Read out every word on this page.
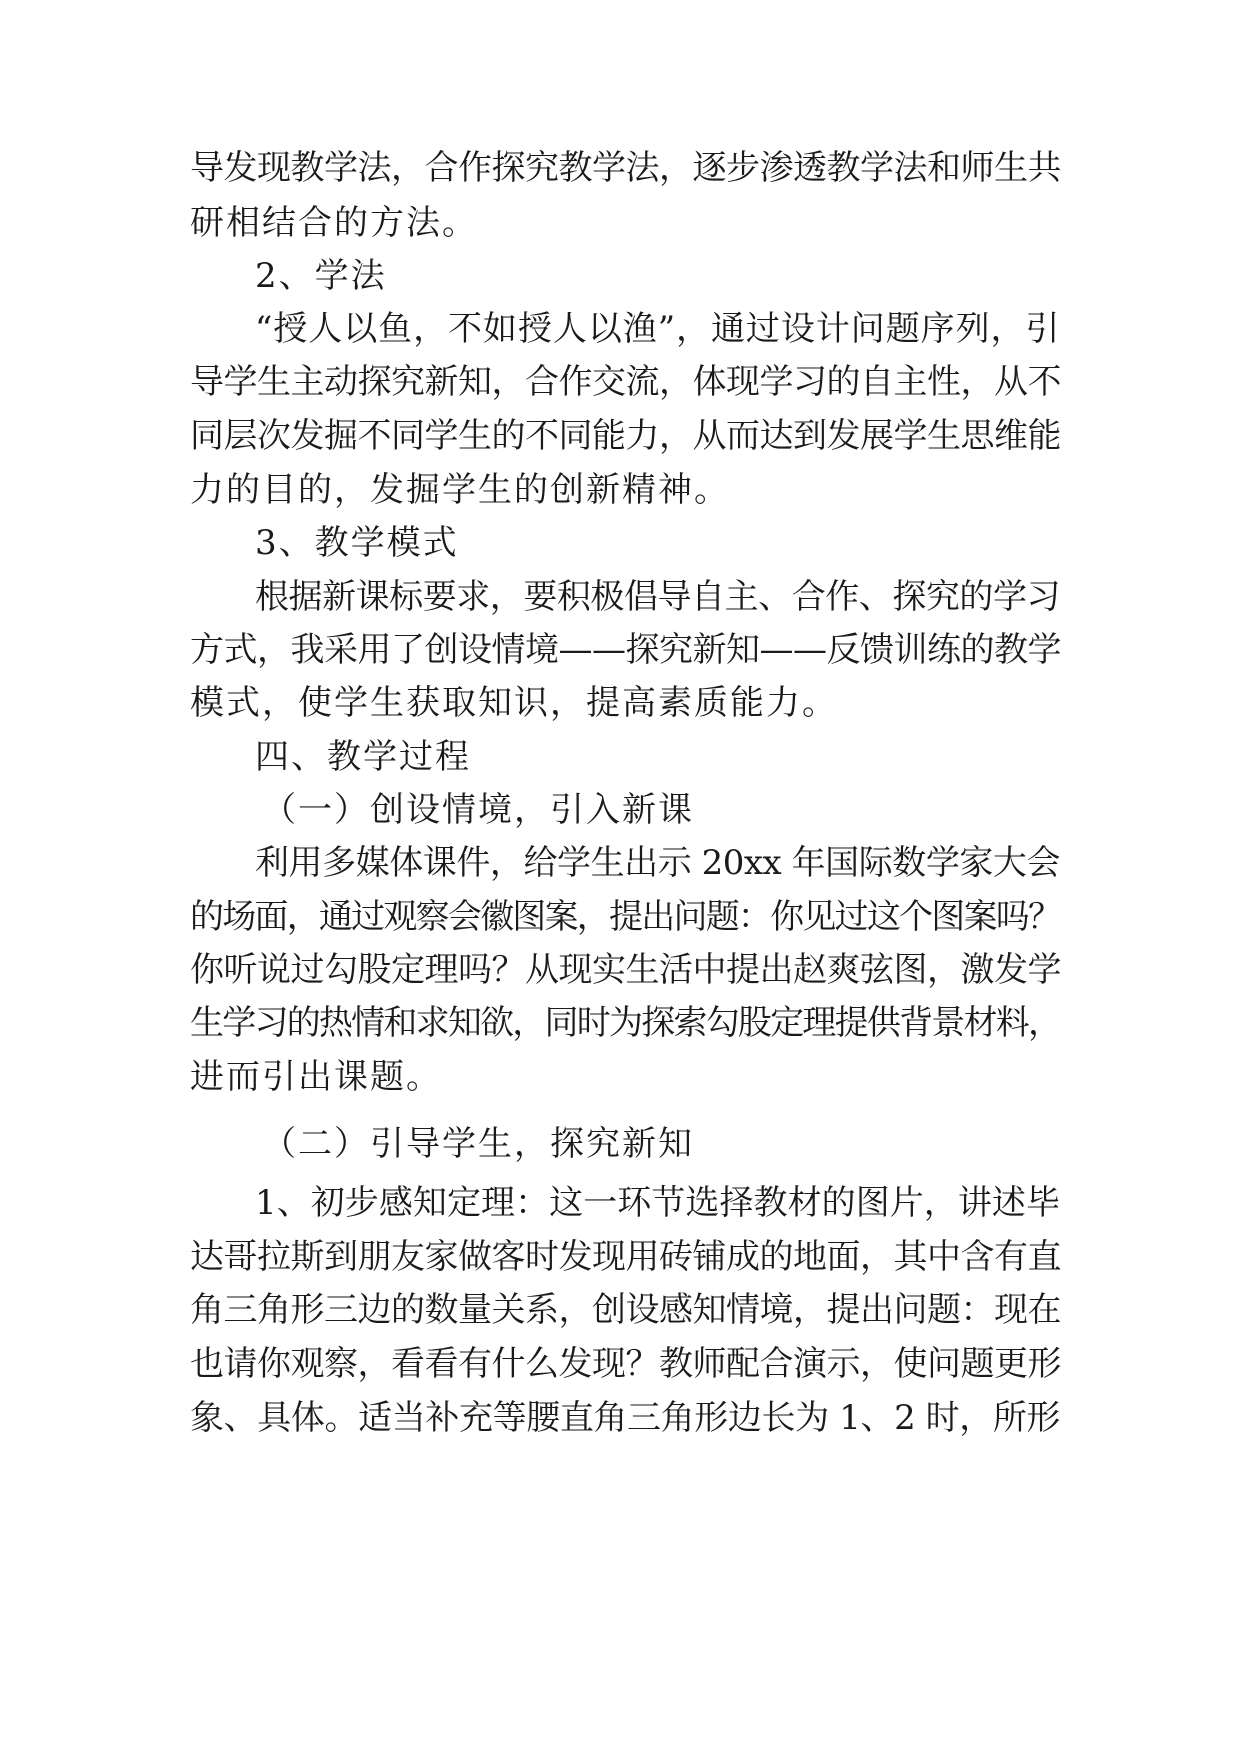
导发现教学法，合作探究教学法，逐步渗透教学法和师生共
研相结合的方法。
2、学法
“授人以鱼，不如授人以渔”，通过设计问题序列，引
导学生主动探究新知，合作交流，体现学习的自主性，从不
同层次发掘不同学生的不同能力，从而达到发展学生思维能
力的目的，发掘学生的创新精神。
3、教学模式
根据新课标要求，要积极倡导自主、合作、探究的学习
方式，我采用了创设情境——探究新知——反馈训练的教学
模式，使学生获取知识，提高素质能力。
四、教学过程
（一）创设情境，引入新课
利用多媒体课件，给学生出示 20xx 年国际数学家大会
的场面，通过观察会徽图案，提出问题：你见过这个图案吗？
你听说过勾股定理吗？从现实生活中提出赵爽弦图，激发学
生学习的热情和求知欲，同时为探索勾股定理提供背景材料，
进而引出课题。
（二）引导学生，探究新知
1、初步感知定理：这一环节选择教材的图片，讲述毕
达哥拉斯到朋友家做客时发现用砖铺成的地面，其中含有直
角三角形三边的数量关系，创设感知情境，提出问题：现在
也请你观察，看看有什么发现？教师配合演示，使问题更形
象、具体。适当补充等腰直角三角形边长为 1、2 时，所形
